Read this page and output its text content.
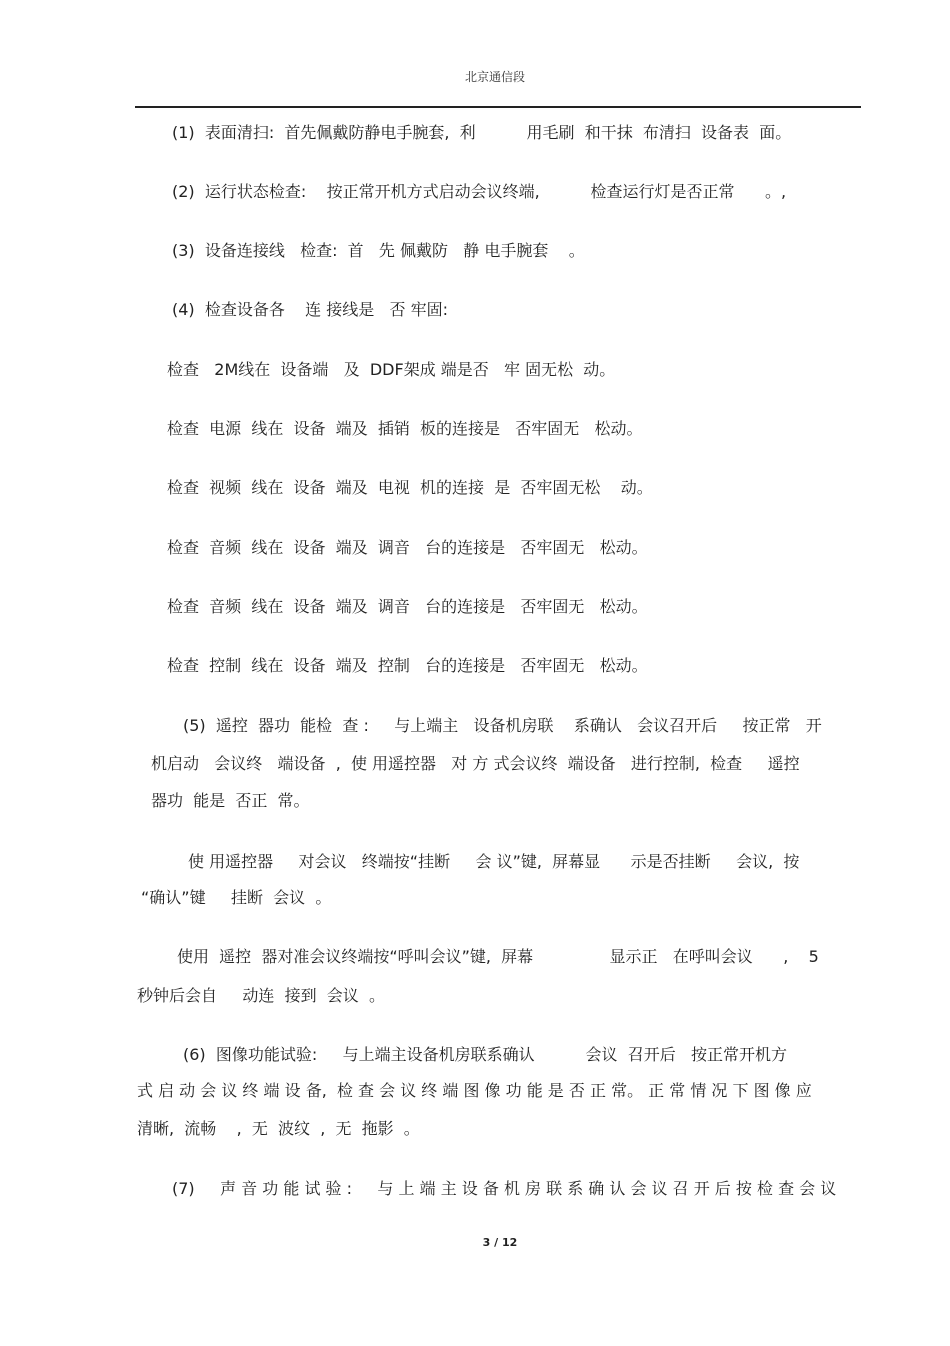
北京通信段
(1)  表面清扫:  首先佩戴防静电手腕套,  利          用毛刷  和干抹  布清扫  设备表  面。
(2)  运行状态检查:    按正常开机方式启动会议终端,          检查运行灯是否正常      。,
(3)  设备连接线   检查:  首   先 佩戴防   静 电手腕套    。
(4)  检查设备各    连 接线是   否 牢固:
检查   2M线在  设备端   及  DDF架成 端是否   牢 固无松  动。
检查  电源  线在  设备  端及  插销  板的连接是   否牢固无   松动。
检查  视频  线在  设备  端及  电视  机的连接  是  否牢固无松    动。
检查  音频  线在  设备  端及  调音   台的连接是   否牢固无   松动。
检查  音频  线在  设备  端及  调音   台的连接是   否牢固无   松动。
检查  控制  线在  设备  端及  控制   台的连接是   否牢固无   松动。
(5)  遥控  器功  能检  查 :     与上端主   设备机房联    系确认   会议召开后     按正常   开
机启动   会议终   端设备  ,  使 用遥控器   对 方 式会议终  端设备   进行控制,  检查     遥控
器功  能是  否正  常。
使 用遥控器     对会议   终端按“挂断     会 议”键,  屏幕显      示是否挂断     会议,  按
“确认”键     挂断  会议  。
使用  遥控  器对准会议终端按“呼叫会议”键,  屏幕               显示正   在呼叫会议      ,    5
秒钟后会自     动连  接到  会议  。
(6)  图像功能试验:     与上端主设备机房联系确认          会议  召开后   按正常开机方
式 启 动 会 议 终 端 设 备,  检 查 会 议 终 端 图 像 功 能 是 否 正 常。 正 常 情 况 下 图 像 应
清晰,  流畅    ,  无  波纹  ,  无  拖影  。
(7)     声 音 功 能 试 验 :     与 上 端 主 设 备 机 房 联 系 确 认 会 议 召 开 后 按 检 查 会 议
3 / 12
